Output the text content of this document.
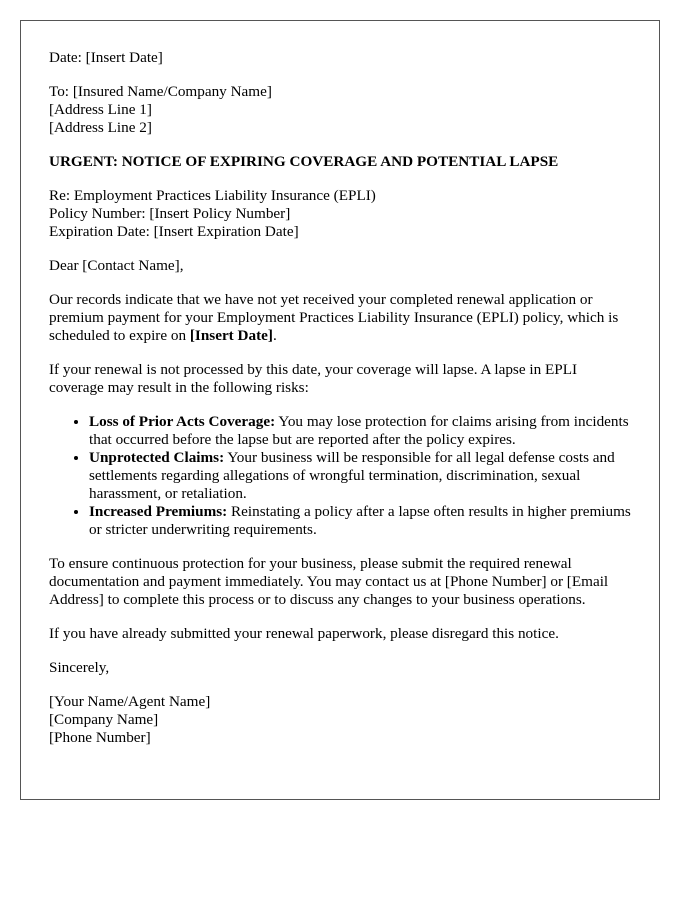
Date: [Insert Date]

To: [Insured Name/Company Name]
[Address Line 1]
[Address Line 2]

URGENT: NOTICE OF EXPIRING COVERAGE AND POTENTIAL LAPSE

Re: Employment Practices Liability Insurance (EPLI)
Policy Number: [Insert Policy Number]
Expiration Date: [Insert Expiration Date]

Dear [Contact Name],

Our records indicate that we have not yet received your completed renewal application or premium payment for your Employment Practices Liability Insurance (EPLI) policy, which is scheduled to expire on [Insert Date].

If your renewal is not processed by this date, your coverage will lapse. A lapse in EPLI coverage may result in the following risks:

• Loss of Prior Acts Coverage: You may lose protection for claims arising from incidents that occurred before the lapse but are reported after the policy expires.
• Unprotected Claims: Your business will be responsible for all legal defense costs and settlements regarding allegations of wrongful termination, discrimination, sexual harassment, or retaliation.
• Increased Premiums: Reinstating a policy after a lapse often results in higher premiums or stricter underwriting requirements.

To ensure continuous protection for your business, please submit the required renewal documentation and payment immediately. You may contact us at [Phone Number] or [Email Address] to complete this process or to discuss any changes to your business operations.

If you have already submitted your renewal paperwork, please disregard this notice.

Sincerely,

[Your Name/Agent Name]
[Company Name]
[Phone Number]
